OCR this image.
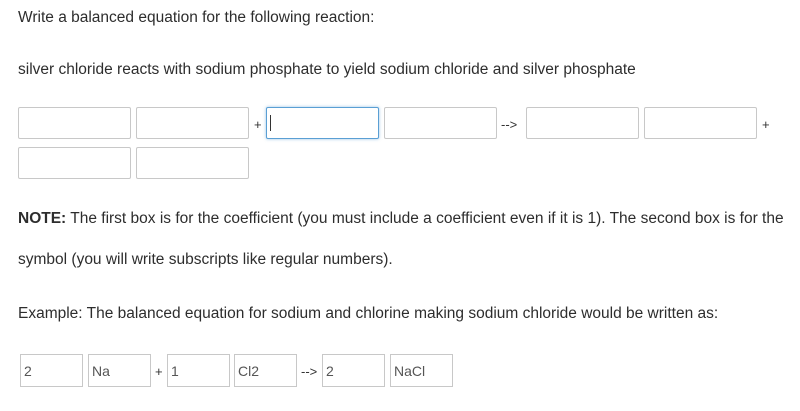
Write a balanced equation for the following reaction:
silver chloride reacts with sodium phosphate to yield sodium chloride and silver phosphate
+	-->	+
NOTE: The first box is for the coefficient (you must include a coefficient even if it is 1). The second box is for the
symbol (you will write subscripts like regular numbers).
Example: The balanced equation for sodium and chlorine making sodium chloride would be written as:
2	Na	+ 1	Cl2	--> 2	NaCl
